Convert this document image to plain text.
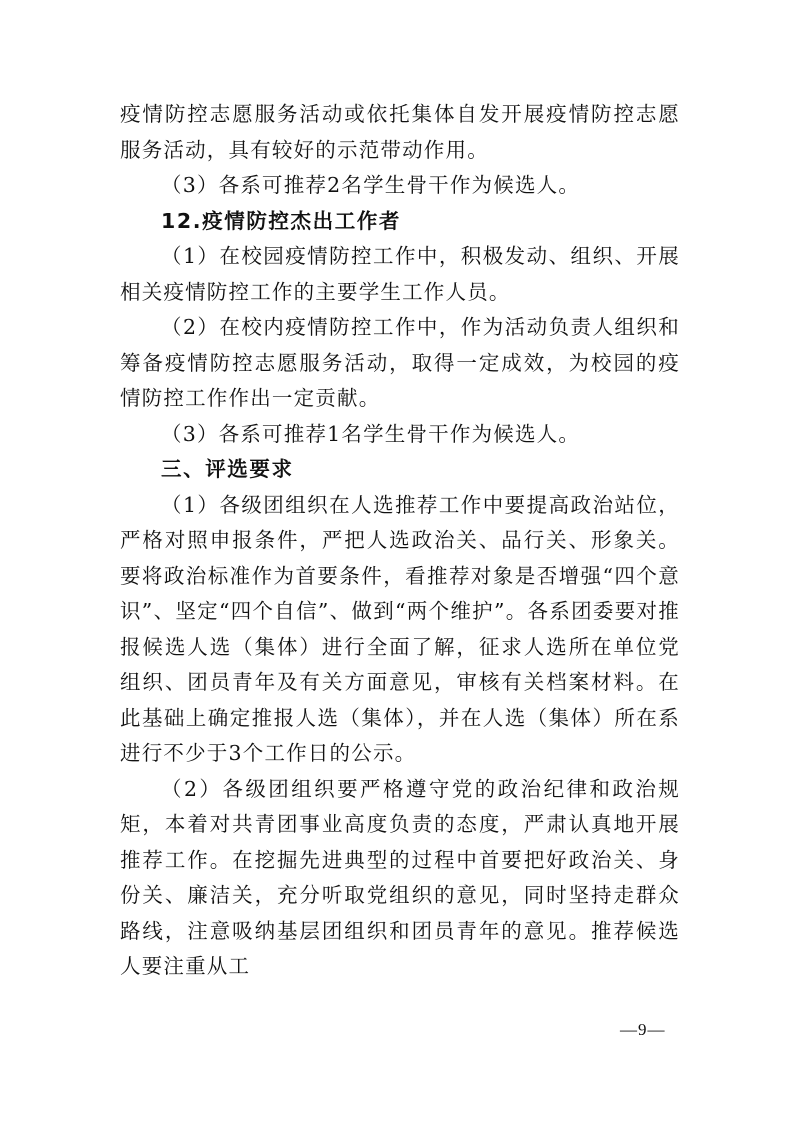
疫情防控志愿服务活动或依托集体自发开展疫情防控志愿服务活动，具有较好的示范带动作用。

（3）各系可推荐2名学生骨干作为候选人。

12.疫情防控杰出工作者

（1）在校园疫情防控工作中，积极发动、组织、开展相关疫情防控工作的主要学生工作人员。

（2）在校内疫情防控工作中，作为活动负责人组织和筹备疫情防控志愿服务活动，取得一定成效，为校园的疫情防控工作作出一定贡献。

（3）各系可推荐1名学生骨干作为候选人。

三、评选要求

（1）各级团组织在人选推荐工作中要提高政治站位，严格对照申报条件，严把人选政治关、品行关、形象关。要将政治标准作为首要条件，看推荐对象是否增强“四个意识”、坚定“四个自信”、做到“两个维护”。各系团委要对推报候选人选（集体）进行全面了解，征求人选所在单位党组织、团员青年及有关方面意见，审核有关档案材料。在此基础上确定推报人选（集体），并在人选（集体）所在系进行不少于3个工作日的公示。

（2）各级团组织要严格遵守党的政治纪律和政治规矩，本着对共青团事业高度负责的态度，严肃认真地开展推荐工作。在挖掘先进典型的过程中首要把好政治关、身份关、廉洁关，充分听取党组织的意见，同时坚持走群众路线，注意吸纳基层团组织和团员青年的意见。推荐候选人要注重从工

—9—
